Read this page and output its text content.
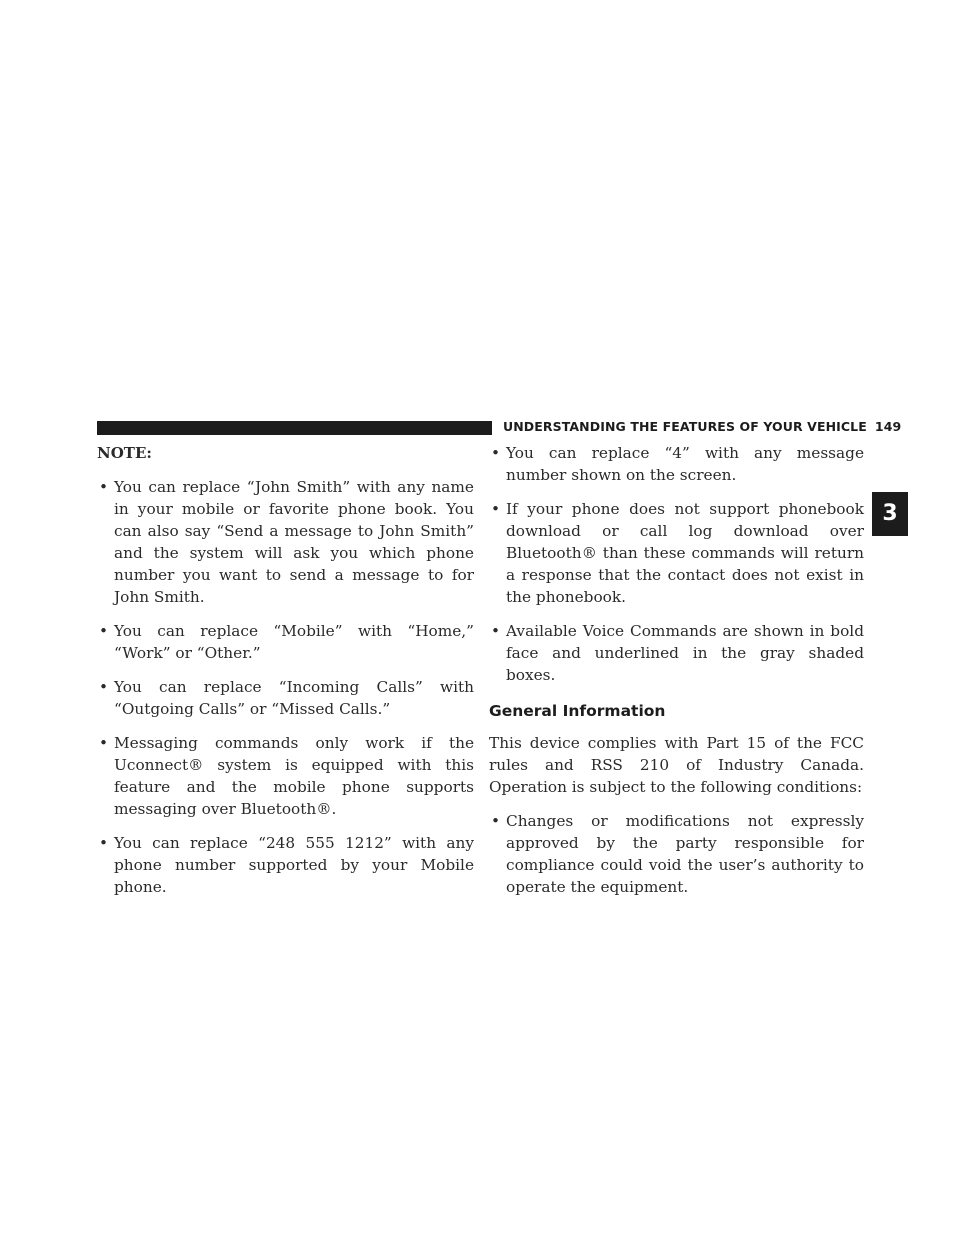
UNDERSTANDING THE FEATURES OF YOUR VEHICLE 149
3
NOTE:
• You can replace “John Smith” with any name in your mobile or favorite phone book. You can also say “Send a message to John Smith” and the system will ask you which phone number you want to send a message to for John Smith.
• You can replace “Mobile” with “Home,” “Work” or “Other.”
• You can replace “Incoming Calls” with “Outgoing Calls” or “Missed Calls.”
• Messaging commands only work if the Uconnect® system is equipped with this feature and the mobile phone supports messaging over Bluetooth®.
• You can replace “248 555 1212” with any phone number supported by your Mobile phone.
• You can replace “4” with any message number shown on the screen.
• If your phone does not support phonebook download or call log download over Bluetooth® than these commands will return a response that the contact does not exist in the phonebook.
• Available Voice Commands are shown in bold face and underlined in the gray shaded boxes.
General Information

This device complies with Part 15 of the FCC rules and RSS 210 of Industry Canada. Operation is subject to the following conditions:

• Changes or modifications not expressly approved by the party responsible for compliance could void the user’s authority to operate the equipment.
